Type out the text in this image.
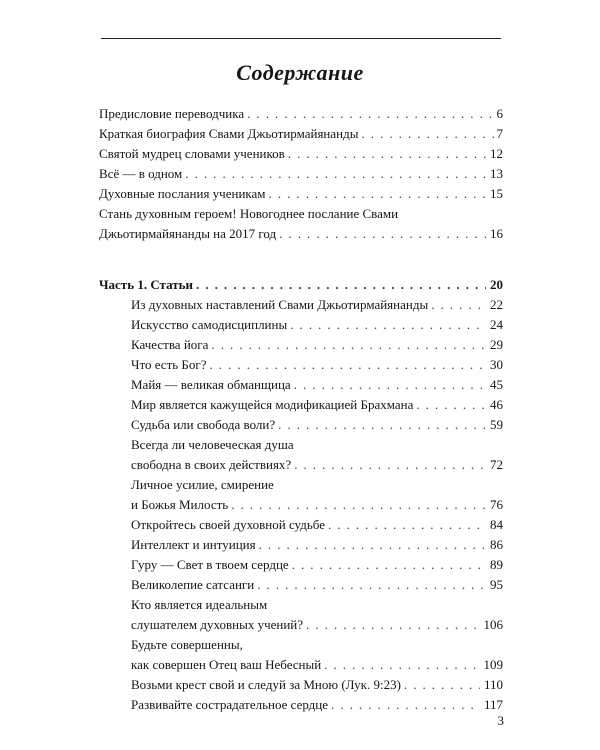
Содержание
Предисловие переводчика . . .	6
Краткая биография Свами Джьотирмайянанды . . .	7
Святой мудрец словами учеников . . .	12
Всё — в одном . . .	13
Духовные послания ученикам . . .	15
Стань духовным героем! Новогоднее послание Свами
Джьотирмайянанды на 2017 год . . .	16
Часть 1. Статьи . . .	20
Из духовных наставлений Свами Джьотирмайянанды . . .	22
Искусство самодисциплины . . .	24
Качества йога . . .	29
Что есть Бог? . . .	30
Майя — великая обманщица . . .	45
Мир является кажущейся модификацией Брахмана . . .	46
Судьба или свобода воли? . . .	59
Всегда ли человеческая душа
свободна в своих действиях? . . .	72
Личное усилие, смирение
и Божья Милость . . .	76
Откройтесь своей духовной судьбе . . .	84
Интеллект и интуиция . . .	86
Гуру — Свет в твоем сердце . . .	89
Великолепие сатсанги . . .	95
Кто является идеальным
слушателем духовных учений? . . .	106
Будьте совершенны,
как совершен Отец ваш Небесный . . .	109
Возьми крест свой и следуй за Мною (Лук. 9:23) . . .	110
Развивайте сострадательное сердце . . .	117
3
